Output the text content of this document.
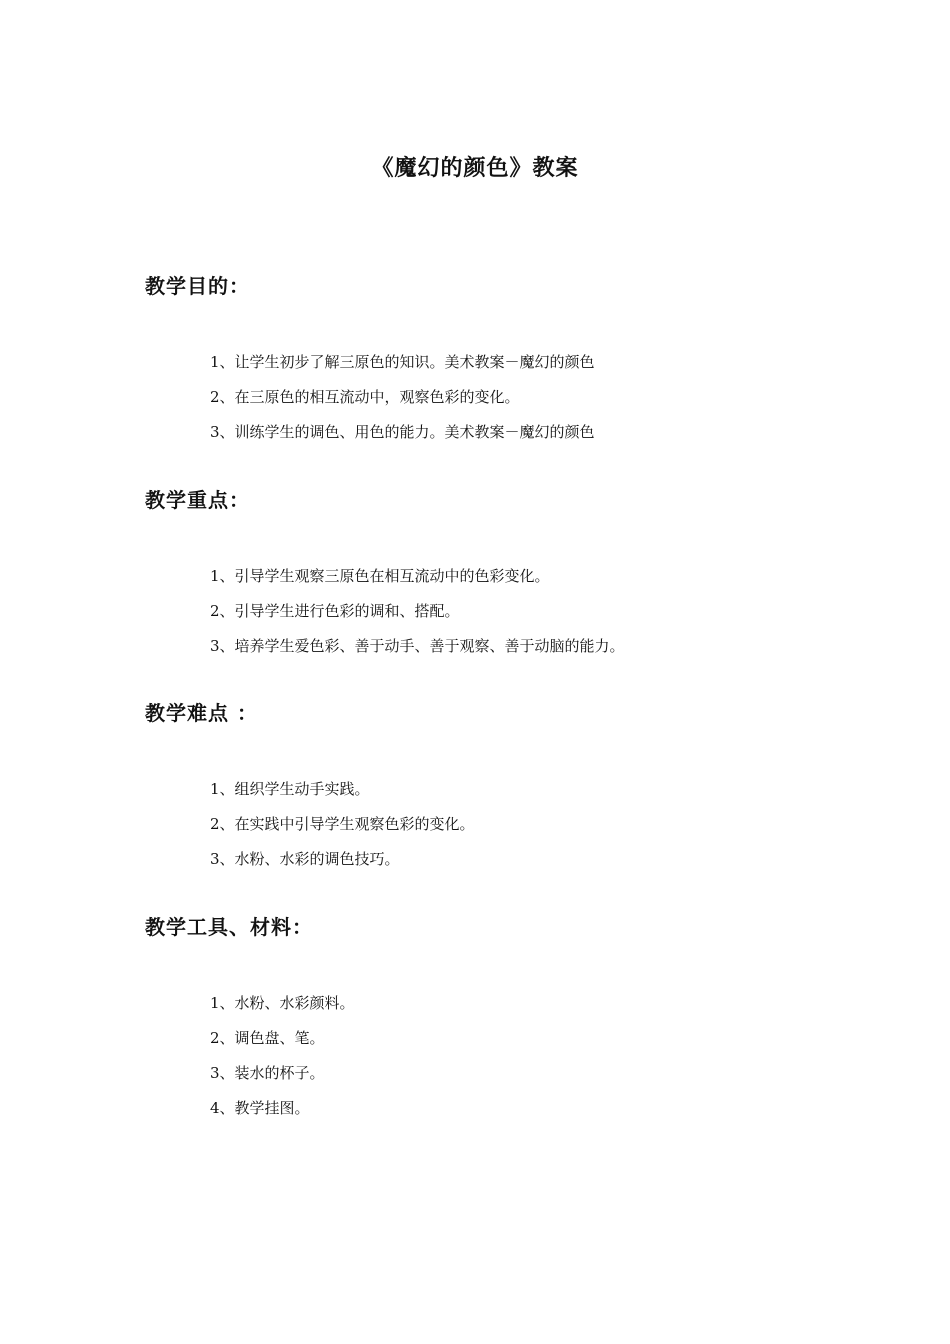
《魔幻的颜色》教案
教学目的：
1、让学生初步了解三原色的知识。美术教案－魔幻的颜色
2、在三原色的相互流动中，观察色彩的变化。
3、训练学生的调色、用色的能力。美术教案－魔幻的颜色
教学重点：
1、引导学生观察三原色在相互流动中的色彩变化。
2、引导学生进行色彩的调和、搭配。
3、培养学生爱色彩、善于动手、善于观察、善于动脑的能力。
教学难点 ：
1、组织学生动手实践。
2、在实践中引导学生观察色彩的变化。
3、水粉、水彩的调色技巧。
教学工具、材料：
1、水粉、水彩颜料。
2、调色盘、笔。
3、装水的杯子。
4、教学挂图。
